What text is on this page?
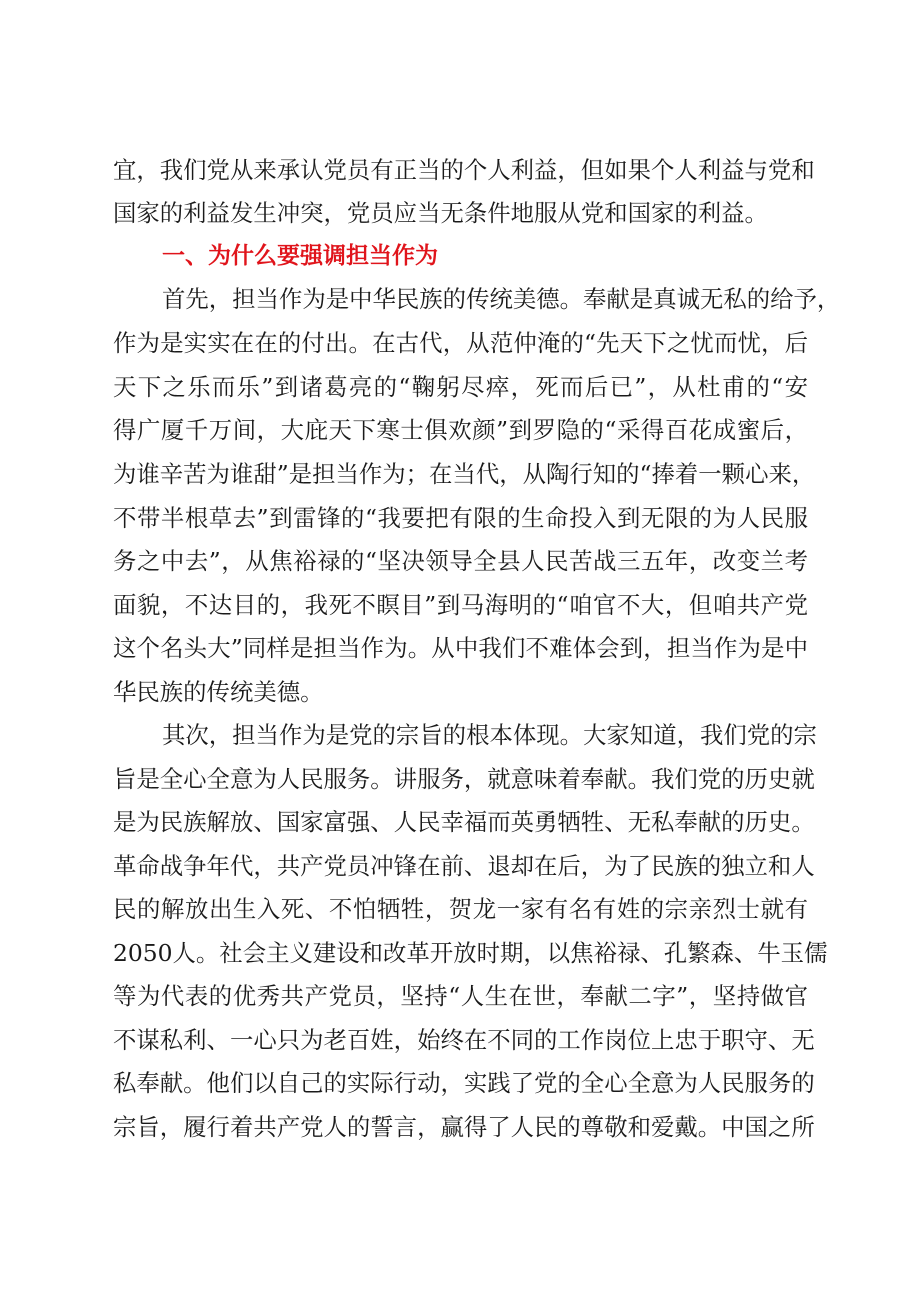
宜，我们党从来承认党员有正当的个人利益，但如果个人利益与党和
国家的利益发生冲突，党员应当无条件地服从党和国家的利益。
一、为什么要强调担当作为
首先，担当作为是中华民族的传统美德。奉献是真诚无私的给予，
作为是实实在在的付出。在古代，从范仲淹的“先天下之忧而忧，后
天下之乐而乐”到诸葛亮的“鞠躬尽瘁，死而后已”，从杜甫的“安
得广厦千万间，大庇天下寒士俱欢颜”到罗隐的“采得百花成蜜后，
为谁辛苦为谁甜”是担当作为；在当代，从陶行知的“捧着一颗心来，
不带半根草去”到雷锋的“我要把有限的生命投入到无限的为人民服
务之中去”，从焦裕禄的“坚决领导全县人民苦战三五年，改变兰考
面貌，不达目的，我死不瞑目”到马海明的“咱官不大，但咱共产党
这个名头大”同样是担当作为。从中我们不难体会到，担当作为是中
华民族的传统美德。
其次，担当作为是党的宗旨的根本体现。大家知道，我们党的宗
旨是全心全意为人民服务。讲服务，就意味着奉献。我们党的历史就
是为民族解放、国家富强、人民幸福而英勇牺牲、无私奉献的历史。
革命战争年代，共产党员冲锋在前、退却在后，为了民族的独立和人
民的解放出生入死、不怕牺牲，贺龙一家有名有姓的宗亲烈士就有
2050人。社会主义建设和改革开放时期，以焦裕禄、孔繁森、牛玉儒
等为代表的优秀共产党员，坚持“人生在世，奉献二字”，坚持做官
不谋私利、一心只为老百姓，始终在不同的工作岗位上忠于职守、无
私奉献。他们以自己的实际行动，实践了党的全心全意为人民服务的
宗旨，履行着共产党人的誓言，赢得了人民的尊敬和爱戴。中国之所
